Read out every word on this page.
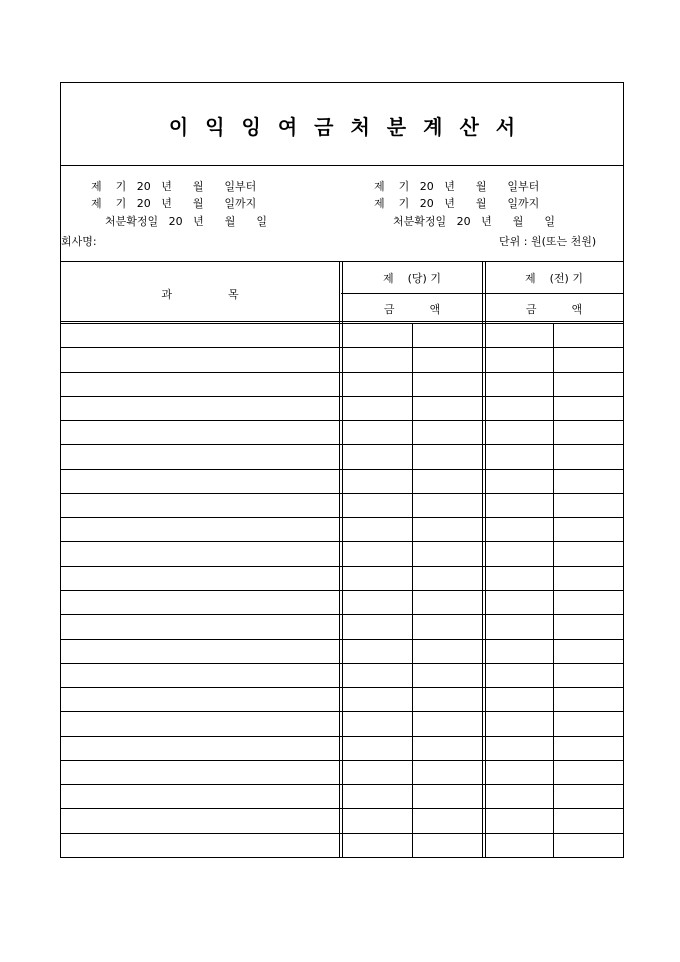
이익잉여금처분계산서
제    기   20   년      월      일부터
제    기   20   년      월      일까지
처분확정일   20   년      월      일
제    기   20   년      월      일부터
제    기   20   년      월      일까지
처분확정일   20   년      월      일
회사명:	단위 : 원(또는 천원)
과                목
제    (당) 기	제    (전) 기
금          액	금          액
